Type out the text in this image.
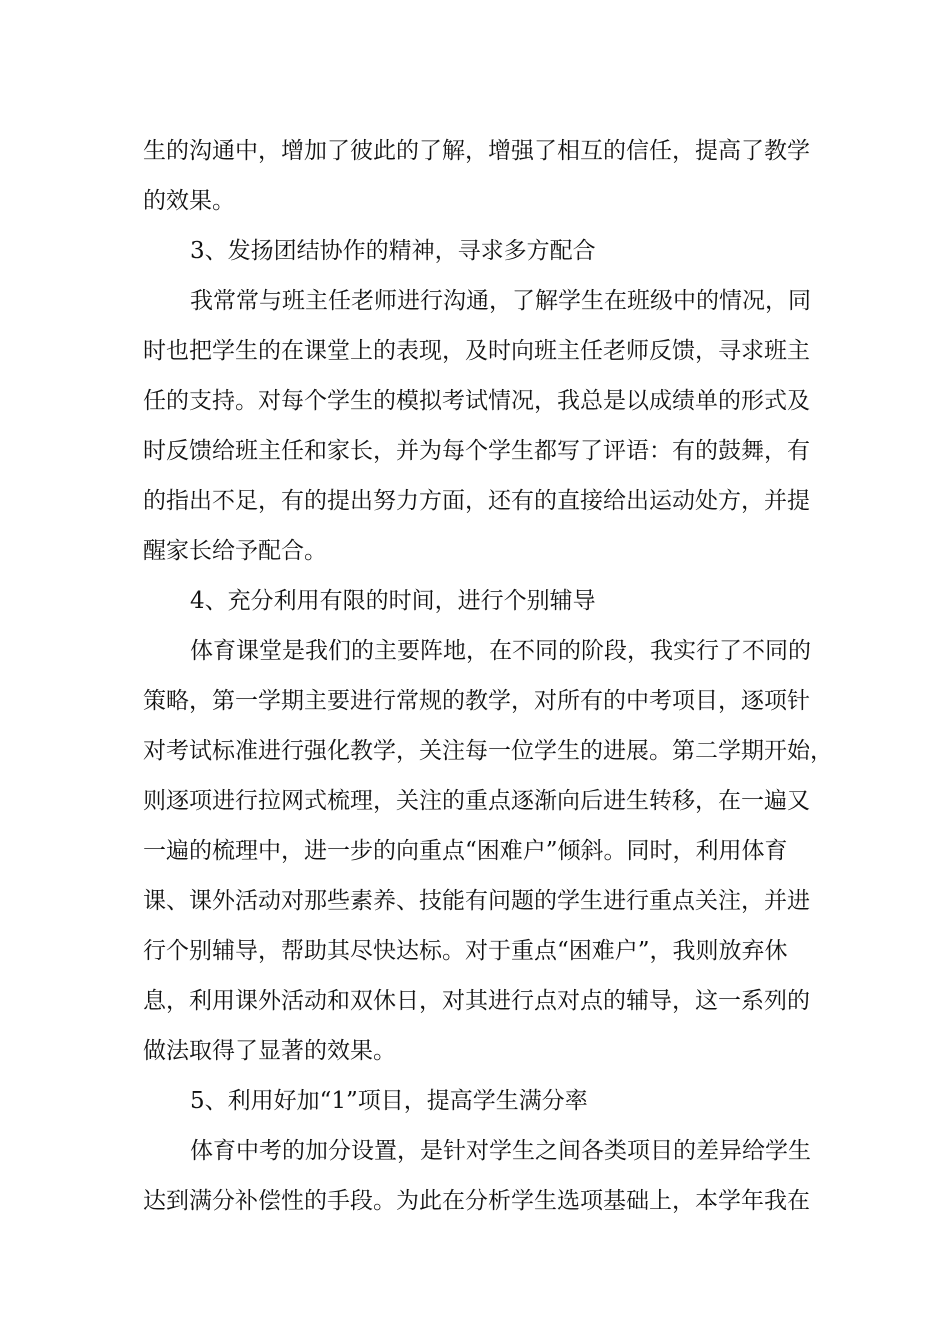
生的沟通中，增加了彼此的了解，增强了相互的信任，提高了教学
的效果。
3、发扬团结协作的精神，寻求多方配合
我常常与班主任老师进行沟通，了解学生在班级中的情况，同
时也把学生的在课堂上的表现，及时向班主任老师反馈，寻求班主
任的支持。对每个学生的模拟考试情况，我总是以成绩单的形式及
时反馈给班主任和家长，并为每个学生都写了评语：有的鼓舞，有
的指出不足，有的提出努力方面，还有的直接给出运动处方，并提
醒家长给予配合。
4、充分利用有限的时间，进行个别辅导
体育课堂是我们的主要阵地，在不同的阶段，我实行了不同的
策略，第一学期主要进行常规的教学，对所有的中考项目，逐项针
对考试标准进行强化教学，关注每一位学生的进展。第二学期开始，
则逐项进行拉网式梳理，关注的重点逐渐向后进生转移，在一遍又
一遍的梳理中，进一步的向重点“困难户”倾斜。同时，利用体育
课、课外活动对那些素养、技能有问题的学生进行重点关注，并进
行个别辅导，帮助其尽快达标。对于重点“困难户”，我则放弃休
息，利用课外活动和双休日，对其进行点对点的辅导，这一系列的
做法取得了显著的效果。
5、利用好加“1”项目，提高学生满分率
体育中考的加分设置，是针对学生之间各类项目的差异给学生
达到满分补偿性的手段。为此在分析学生选项基础上，本学年我在
